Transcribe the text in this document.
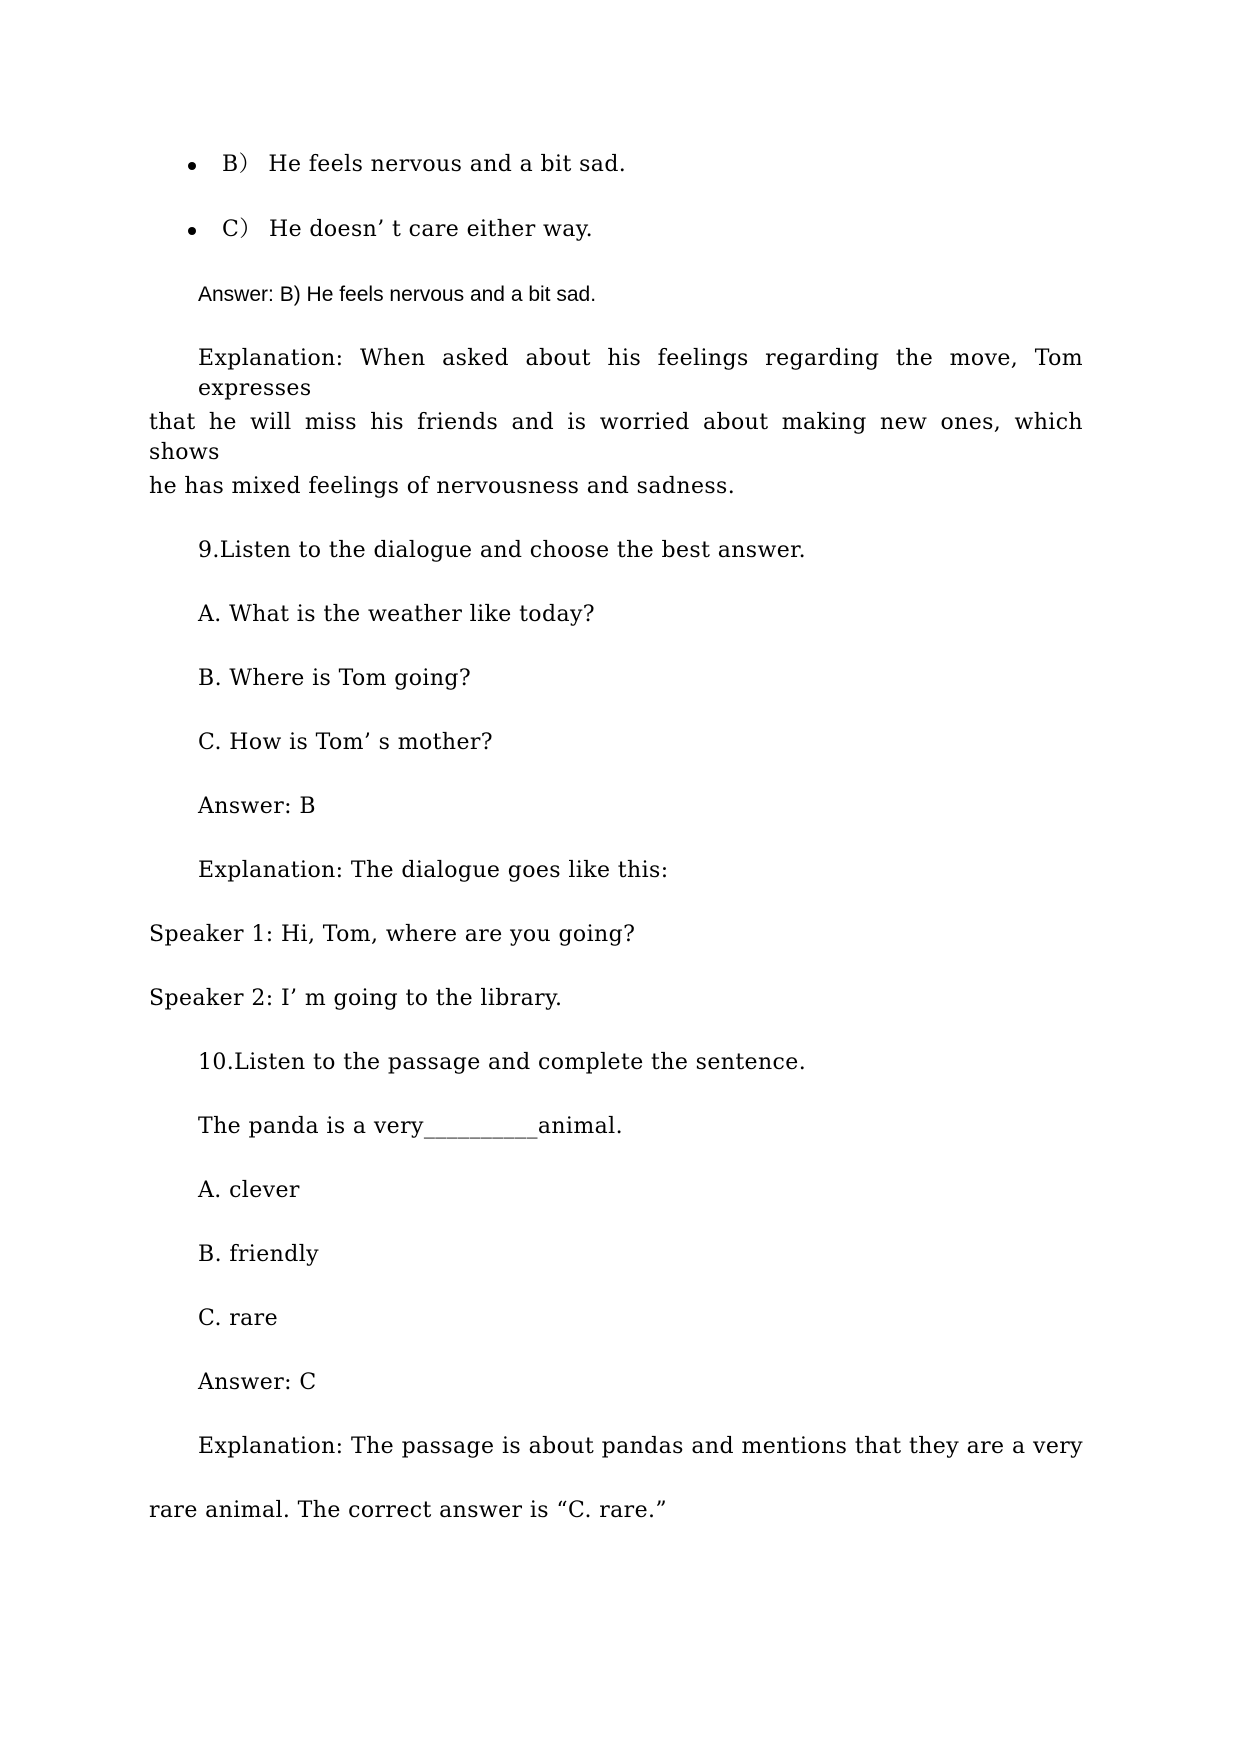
B） He feels nervous and a bit sad.
C） He doesn’ t care either way.
Answer: B) He feels nervous and a bit sad.
Explanation: When asked about his feelings regarding the move, Tom expresses
that he will miss his friends and is worried about making new ones, which shows
he has mixed feelings of nervousness and sadness.
9.Listen to the dialogue and choose the best answer.
A. What is the weather like today?
B. Where is Tom going?
C. How is Tom’ s mother?
Answer: B
Explanation: The dialogue goes like this:
Speaker 1: Hi, Tom, where are you going?
Speaker 2: I’ m going to the library.
10.Listen to the passage and complete the sentence.
The panda is a very__________animal.
A. clever
B. friendly
C. rare
Answer: C
Explanation: The passage is about pandas and mentions that they are a very
rare animal. The correct answer is “C. rare.”
